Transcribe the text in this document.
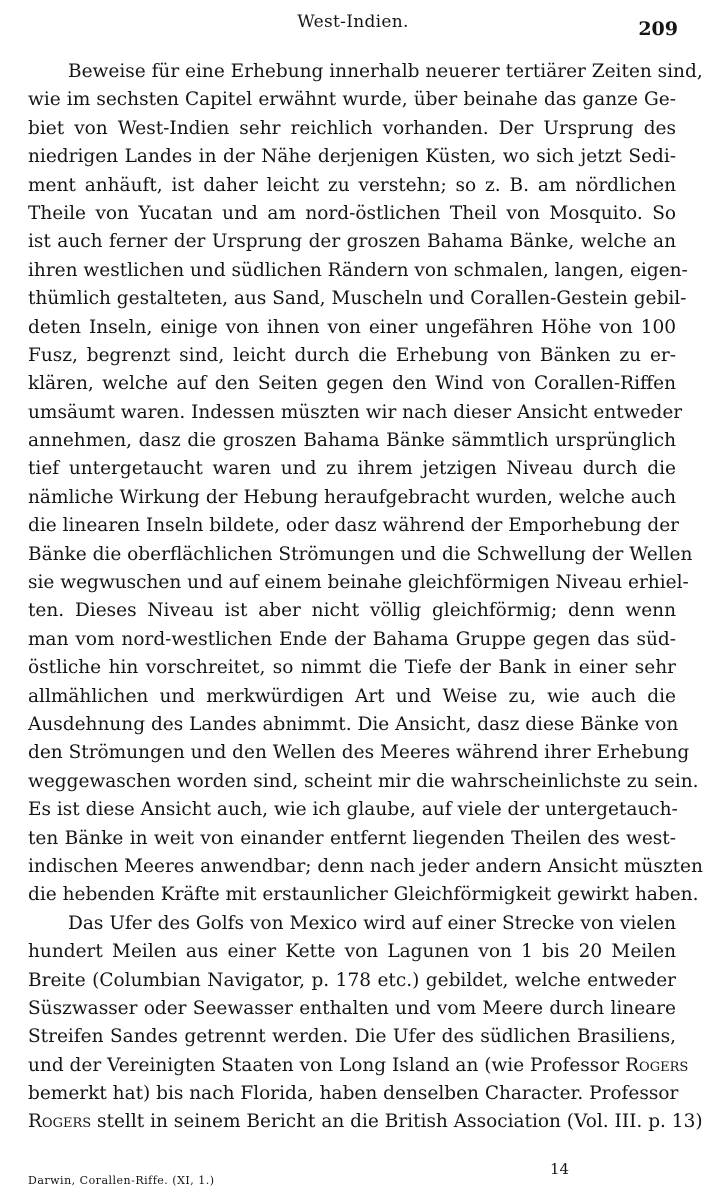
West-Indien.	209
Beweise für eine Erhebung innerhalb neuerer tertiärer Zeiten sind,
wie im sechsten Capitel erwähnt wurde, über beinahe das ganze Ge-
biet von West-Indien sehr reichlich vorhanden. Der Ursprung des
niedrigen Landes in der Nähe derjenigen Küsten, wo sich jetzt Sedi-
ment anhäuft, ist daher leicht zu verstehn; so z. B. am nördlichen
Theile von Yucatan und am nord-östlichen Theil von Mosquito. So
ist auch ferner der Ursprung der groszen Bahama Bänke, welche an
ihren westlichen und südlichen Rändern von schmalen, langen, eigen-
thümlich gestalteten, aus Sand, Muscheln und Corallen-Gestein gebil-
deten Inseln, einige von ihnen von einer ungefähren Höhe von 100
Fusz, begrenzt sind, leicht durch die Erhebung von Bänken zu er-
klären, welche auf den Seiten gegen den Wind von Corallen-Riffen
umsäumt waren. Indessen müszten wir nach dieser Ansicht entweder
annehmen, dasz die groszen Bahama Bänke sämmtlich ursprünglich
tief untergetaucht waren und zu ihrem jetzigen Niveau durch die
nämliche Wirkung der Hebung heraufgebracht wurden, welche auch
die linearen Inseln bildete, oder dasz während der Emporhebung der
Bänke die oberflächlichen Strömungen und die Schwellung der Wellen
sie wegwuschen und auf einem beinahe gleichförmigen Niveau erhiel-
ten. Dieses Niveau ist aber nicht völlig gleichförmig; denn wenn
man vom nord-westlichen Ende der Bahama Gruppe gegen das süd-
östliche hin vorschreitet, so nimmt die Tiefe der Bank in einer sehr
allmählichen und merkwürdigen Art und Weise zu, wie auch die
Ausdehnung des Landes abnimmt. Die Ansicht, dasz diese Bänke von
den Strömungen und den Wellen des Meeres während ihrer Erhebung
weggewaschen worden sind, scheint mir die wahrscheinlichste zu sein.
Es ist diese Ansicht auch, wie ich glaube, auf viele der untergetauch-
ten Bänke in weit von einander entfernt liegenden Theilen des west-
indischen Meeres anwendbar; denn nach jeder andern Ansicht müszten
die hebenden Kräfte mit erstaunlicher Gleichförmigkeit gewirkt haben.
Das Ufer des Golfs von Mexico wird auf einer Strecke von vielen
hundert Meilen aus einer Kette von Lagunen von 1 bis 20 Meilen
Breite (Columbian Navigator, p. 178 etc.) gebildet, welche entweder
Süszwasser oder Seewasser enthalten und vom Meere durch lineare
Streifen Sandes getrennt werden. Die Ufer des südlichen Brasiliens,
und der Vereinigten Staaten von Long Island an (wie Professor Rogers
bemerkt hat) bis nach Florida, haben denselben Character. Professor
Rogers stellt in seinem Bericht an die British Association (Vol. III. p. 13)
Darwin, Corallen-Riffe. (XI, 1.)
14
